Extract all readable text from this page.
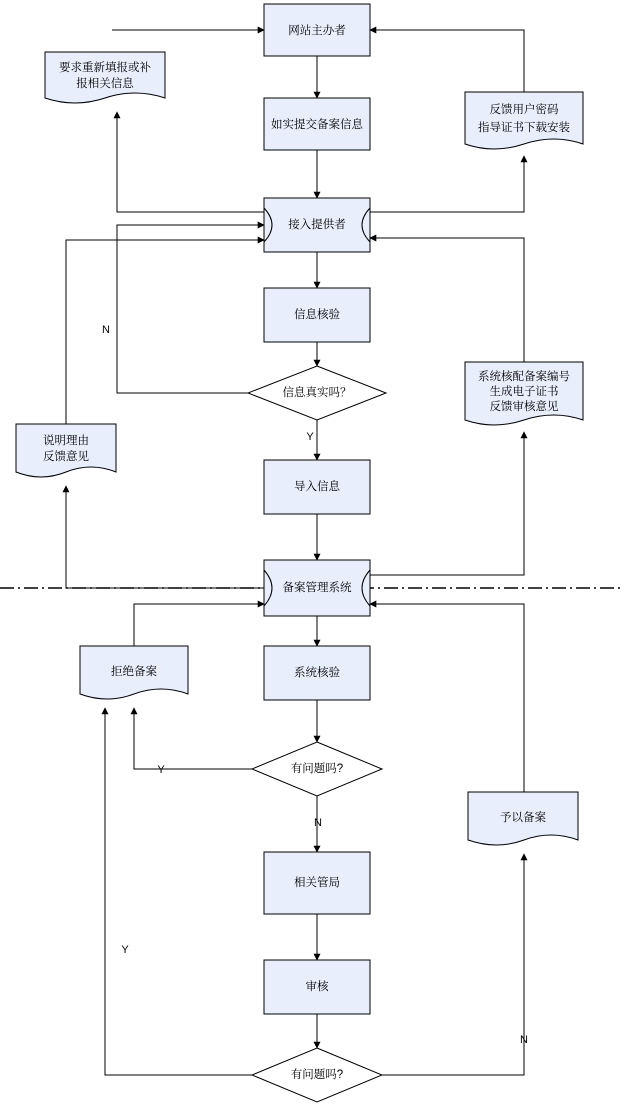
网站主办者
要求重新填报或补
报相关信息
如实提交备案信息
反馈用户密码
指导证书下载安装
接入提供者
信息核验
信息真实吗？
系统核配备案编号
生成电子证书
反馈审核意见
说明理由
反馈意见
导入信息
备案管理系统
拒绝备案	系统核验
有问题吗?
予以备案
相关管局
审核
有问题吗?
N
Y
Y
N
Y
N
